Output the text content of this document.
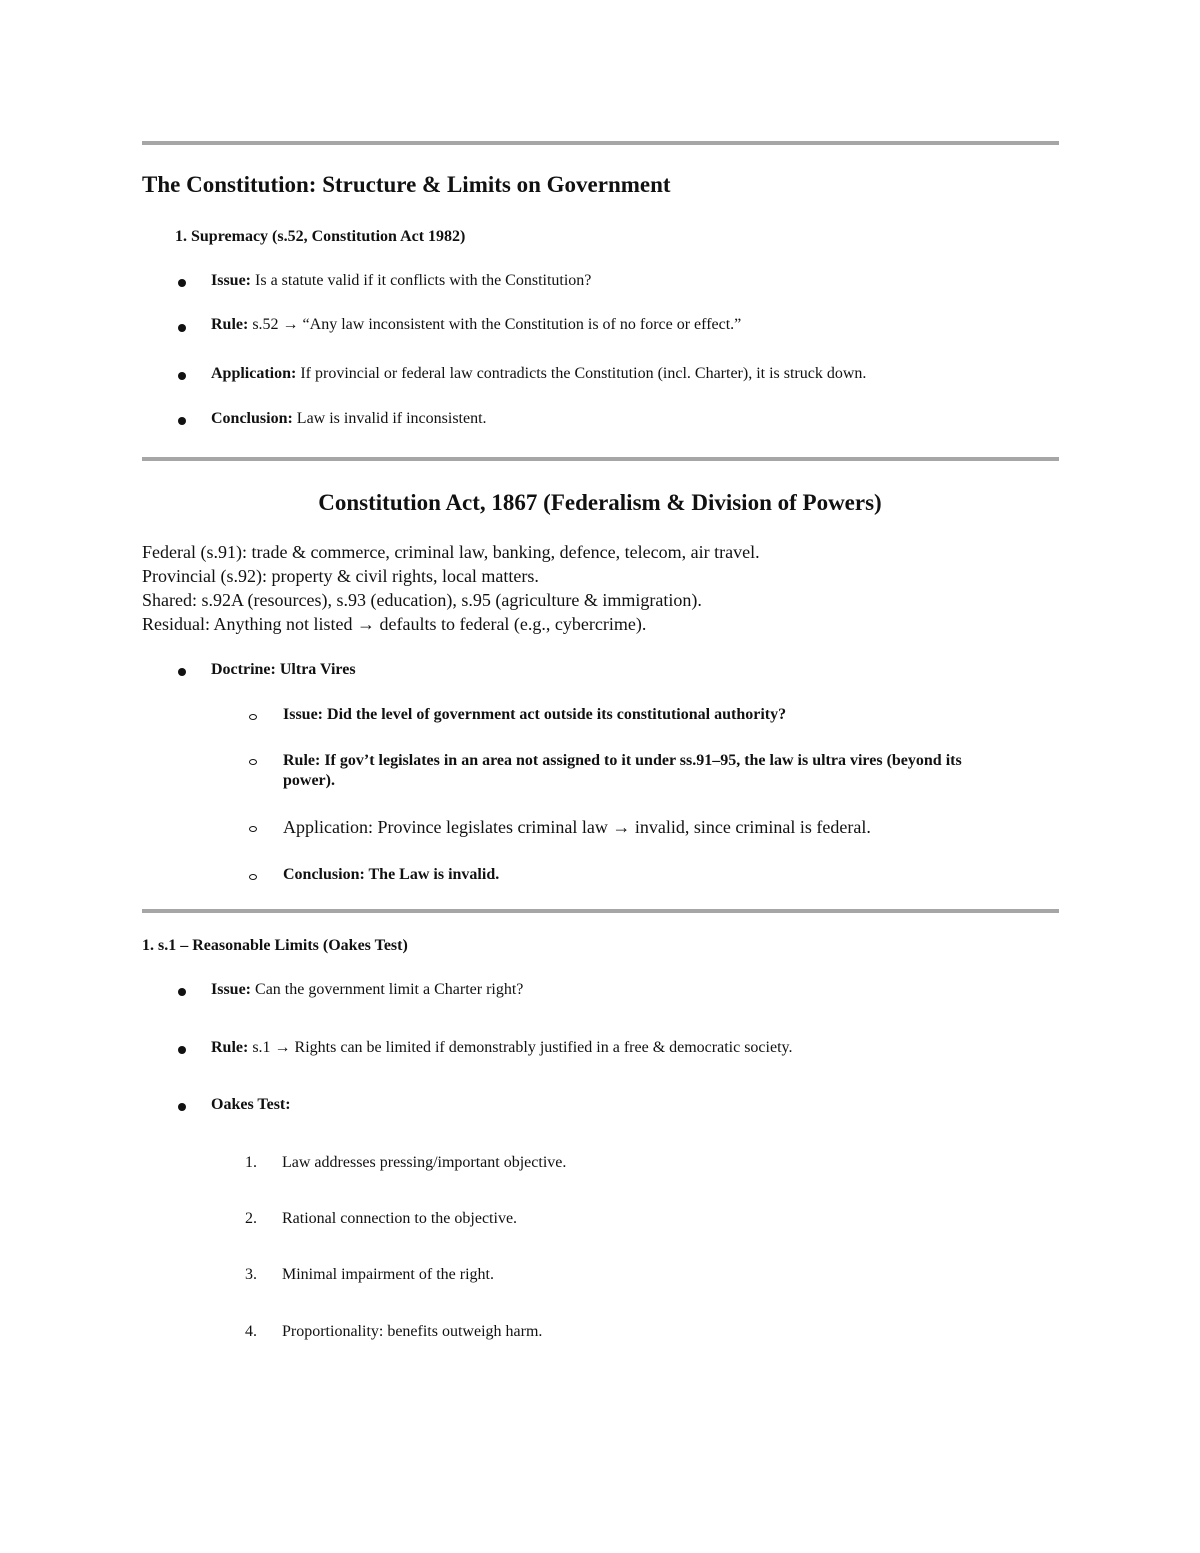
The Constitution: Structure & Limits on Government
1. Supremacy (s.52, Constitution Act 1982)
Issue: Is a statute valid if it conflicts with the Constitution?
Rule: s.52 → “Any law inconsistent with the Constitution is of no force or effect.”
Application: If provincial or federal law contradicts the Constitution (incl. Charter), it is struck down.
Conclusion: Law is invalid if inconsistent.
Constitution Act, 1867 (Federalism & Division of Powers)
Federal (s.91): trade & commerce, criminal law, banking, defence, telecom, air travel.
Provincial (s.92): property & civil rights, local matters.
Shared: s.92A (resources), s.93 (education), s.95 (agriculture & immigration).
Residual: Anything not listed → defaults to federal (e.g., cybercrime).
Doctrine: Ultra Vires
Issue: Did the level of government act outside its constitutional authority?
Rule: If gov’t legislates in an area not assigned to it under ss.91–95, the law is ultra vires (beyond its
power).
Application: Province legislates criminal law → invalid, since criminal is federal.
Conclusion: The Law is invalid.
1. s.1 – Reasonable Limits (Oakes Test)
Issue: Can the government limit a Charter right?
Rule: s.1 → Rights can be limited if demonstrably justified in a free & democratic society.
Oakes Test:
1. Law addresses pressing/important objective.
2. Rational connection to the objective.
3. Minimal impairment of the right.
4. Proportionality: benefits outweigh harm.
